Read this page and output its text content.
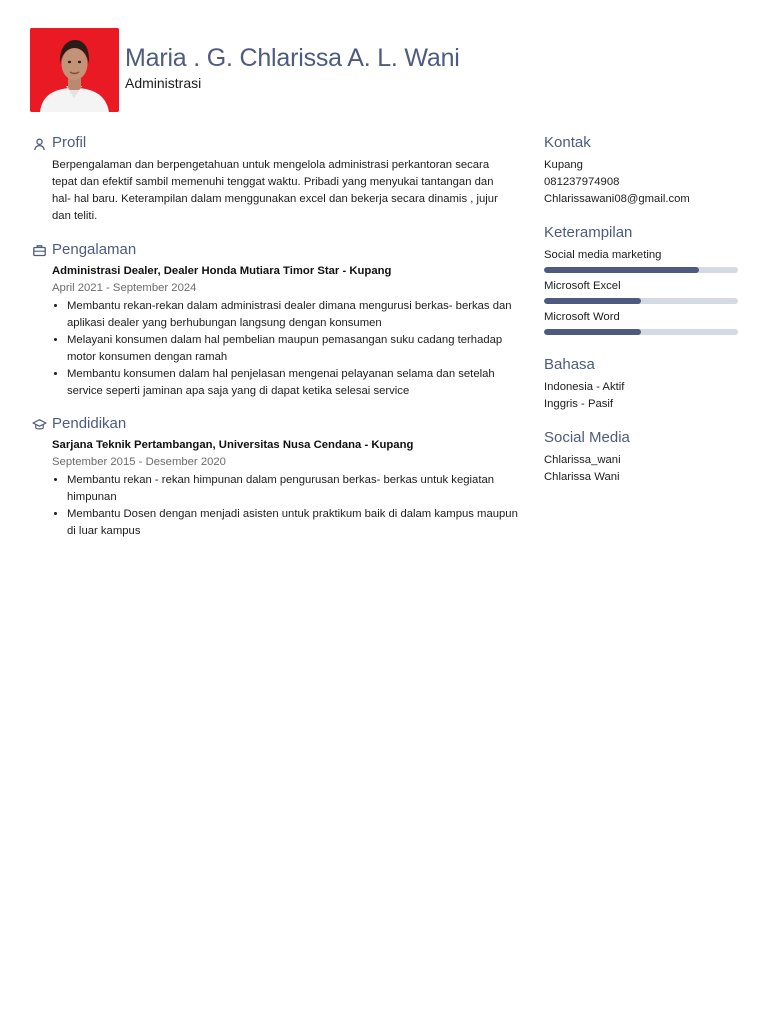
Maria . G. Chlarissa A. L. Wani
Administrasi
Profil
Berpengalaman dan berpengetahuan untuk mengelola administrasi perkantoran secara tepat dan efektif sambil memenuhi tenggat waktu. Pribadi yang menyukai tantangan dan hal- hal baru. Keterampilan dalam menggunakan excel dan bekerja secara dinamis , jujur dan teliti.
Pengalaman
Administrasi Dealer, Dealer Honda Mutiara Timor Star - Kupang
April 2021 - September 2024
• Membantu rekan-rekan dalam administrasi dealer dimana mengurusi berkas- berkas dan aplikasi dealer yang berhubungan langsung dengan konsumen
• Melayani konsumen dalam hal pembelian maupun pemasangan suku cadang terhadap motor konsumen dengan ramah
• Membantu konsumen dalam hal penjelasan mengenai pelayanan selama dan setelah service seperti jaminan apa saja yang di dapat ketika selesai service
Pendidikan
Sarjana Teknik Pertambangan, Universitas Nusa Cendana - Kupang
September 2015 - Desember 2020
• Membantu rekan - rekan himpunan dalam pengurusan berkas- berkas untuk kegiatan himpunan
• Membantu Dosen dengan menjadi asisten untuk praktikum baik di dalam kampus maupun di luar kampus
Kontak
Kupang
081237974908
Chlarissawani08@gmail.com
Keterampilan
Social media marketing
Microsoft Excel
Microsoft Word
Bahasa
Indonesia - Aktif
Inggris - Pasif
Social Media
Chlarissa_wani
Chlarissa Wani
